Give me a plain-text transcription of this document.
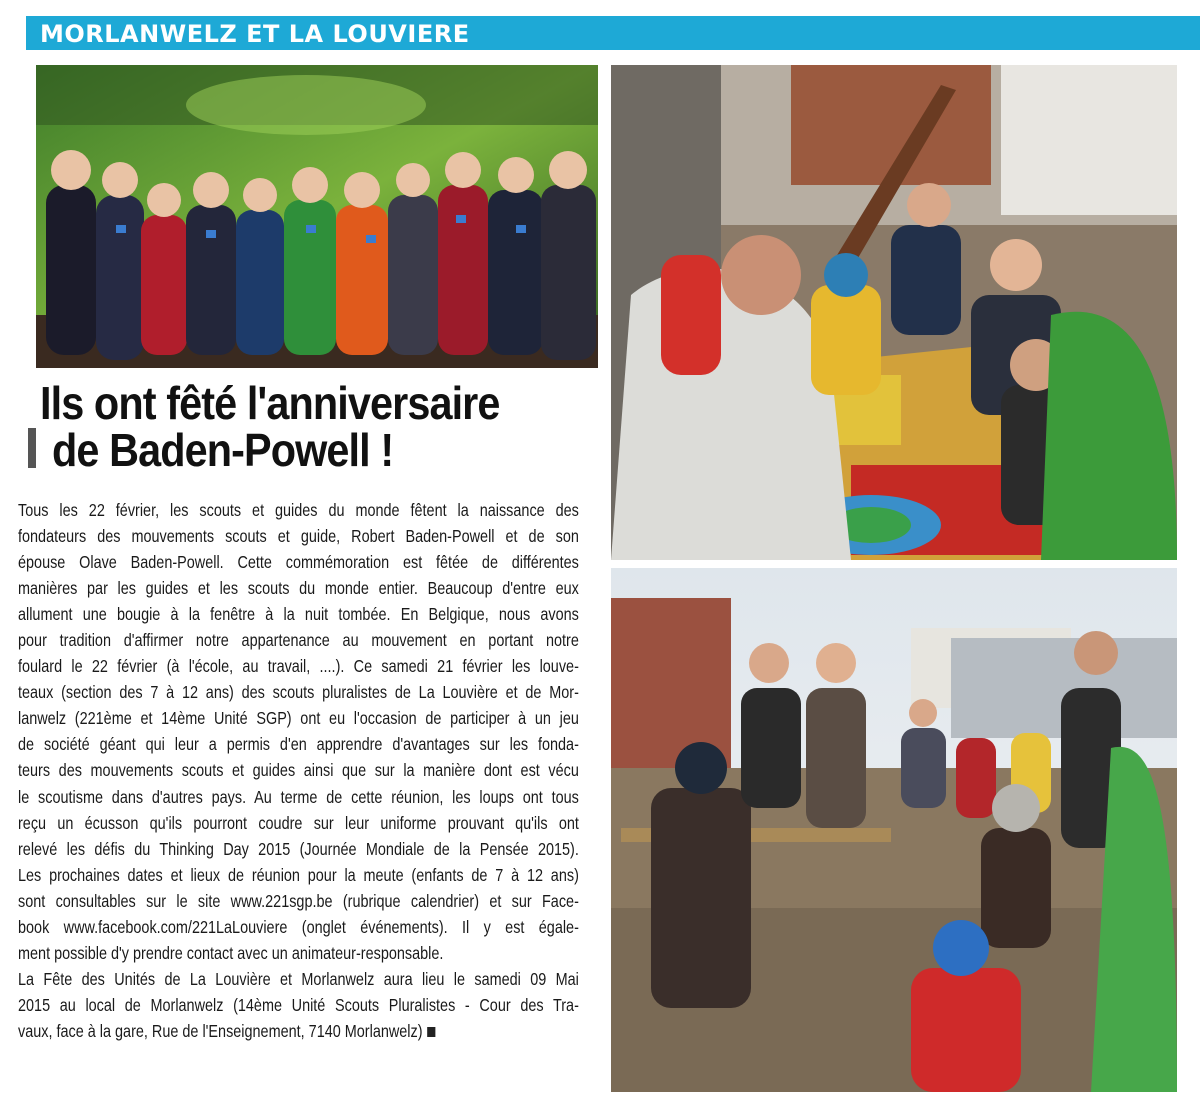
MORLANWELZ ET LA LOUVIERE
Ils ont fêté l'anniversaire
de Baden-Powell !
Tous les 22 février, les scouts et guides du monde fêtent la naissance des
fondateurs des mouvements scouts et guide, Robert Baden-Powell et de son
épouse Olave Baden-Powell. Cette commémoration est fêtée de différentes
manières par les guides et les scouts du monde entier. Beaucoup d'entre eux
allument une bougie à la fenêtre à la nuit tombée. En Belgique, nous avons
pour tradition d'affirmer notre appartenance au mouvement en portant notre
foulard le 22 février (à l'école, au travail, ....). Ce samedi 21 février les louve-
teaux (section des 7 à 12 ans) des scouts pluralistes de La Louvière et de Mor-
lanwelz (221ème et 14ème Unité SGP) ont eu l'occasion de participer à un jeu
de société géant qui leur a permis d'en apprendre d'avantages sur les fonda-
teurs des mouvements scouts et guides ainsi que sur la manière dont est vécu
le scoutisme dans d'autres pays. Au terme de cette réunion, les loups ont tous
reçu un écusson qu'ils pourront coudre sur leur uniforme prouvant qu'ils ont
relevé les défis du Thinking Day 2015 (Journée Mondiale de la Pensée 2015).
Les prochaines dates et lieux de réunion pour la meute (enfants de 7 à 12 ans)
sont consultables sur le site www.221sgp.be (rubrique calendrier) et sur Face-
book www.facebook.com/221LaLouviere (onglet événements). Il y est égale-
ment possible d'y prendre contact avec un animateur-responsable.
La Fête des Unités de La Louvière et Morlanwelz aura lieu le samedi 09 Mai
2015 au local de Morlanwelz (14ème Unité Scouts Pluralistes - Cour des Tra-
vaux, face à la gare, Rue de l'Enseignement, 7140 Morlanwelz)
